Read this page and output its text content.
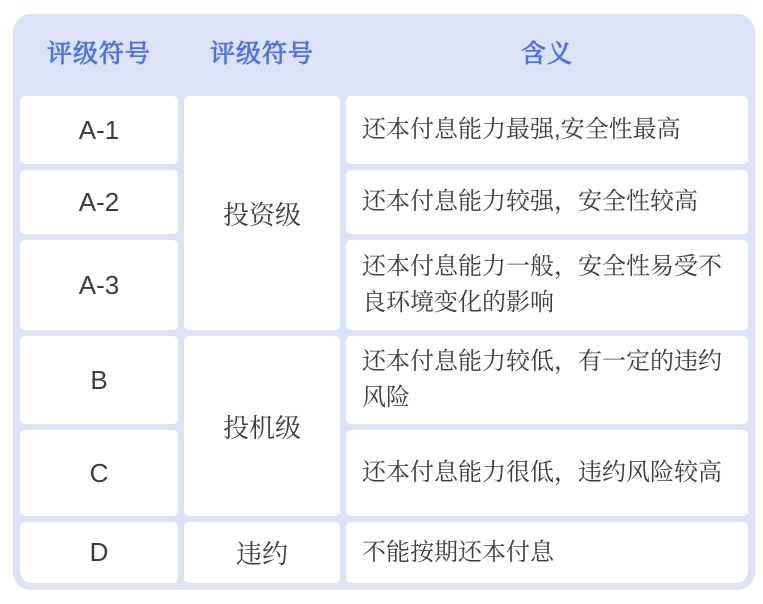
评级符号	评级符号	含义
A-1
A-2
A-3
B
C
D
投资级
投机级
违约
还本付息能力最强,安全性最高
还本付息能力较强，安全性较高
还本付息能力一般，安全性易受不良环境变化的影响
还本付息能力较低，有一定的违约风险
还本付息能力很低，违约风险较高
不能按期还本付息
